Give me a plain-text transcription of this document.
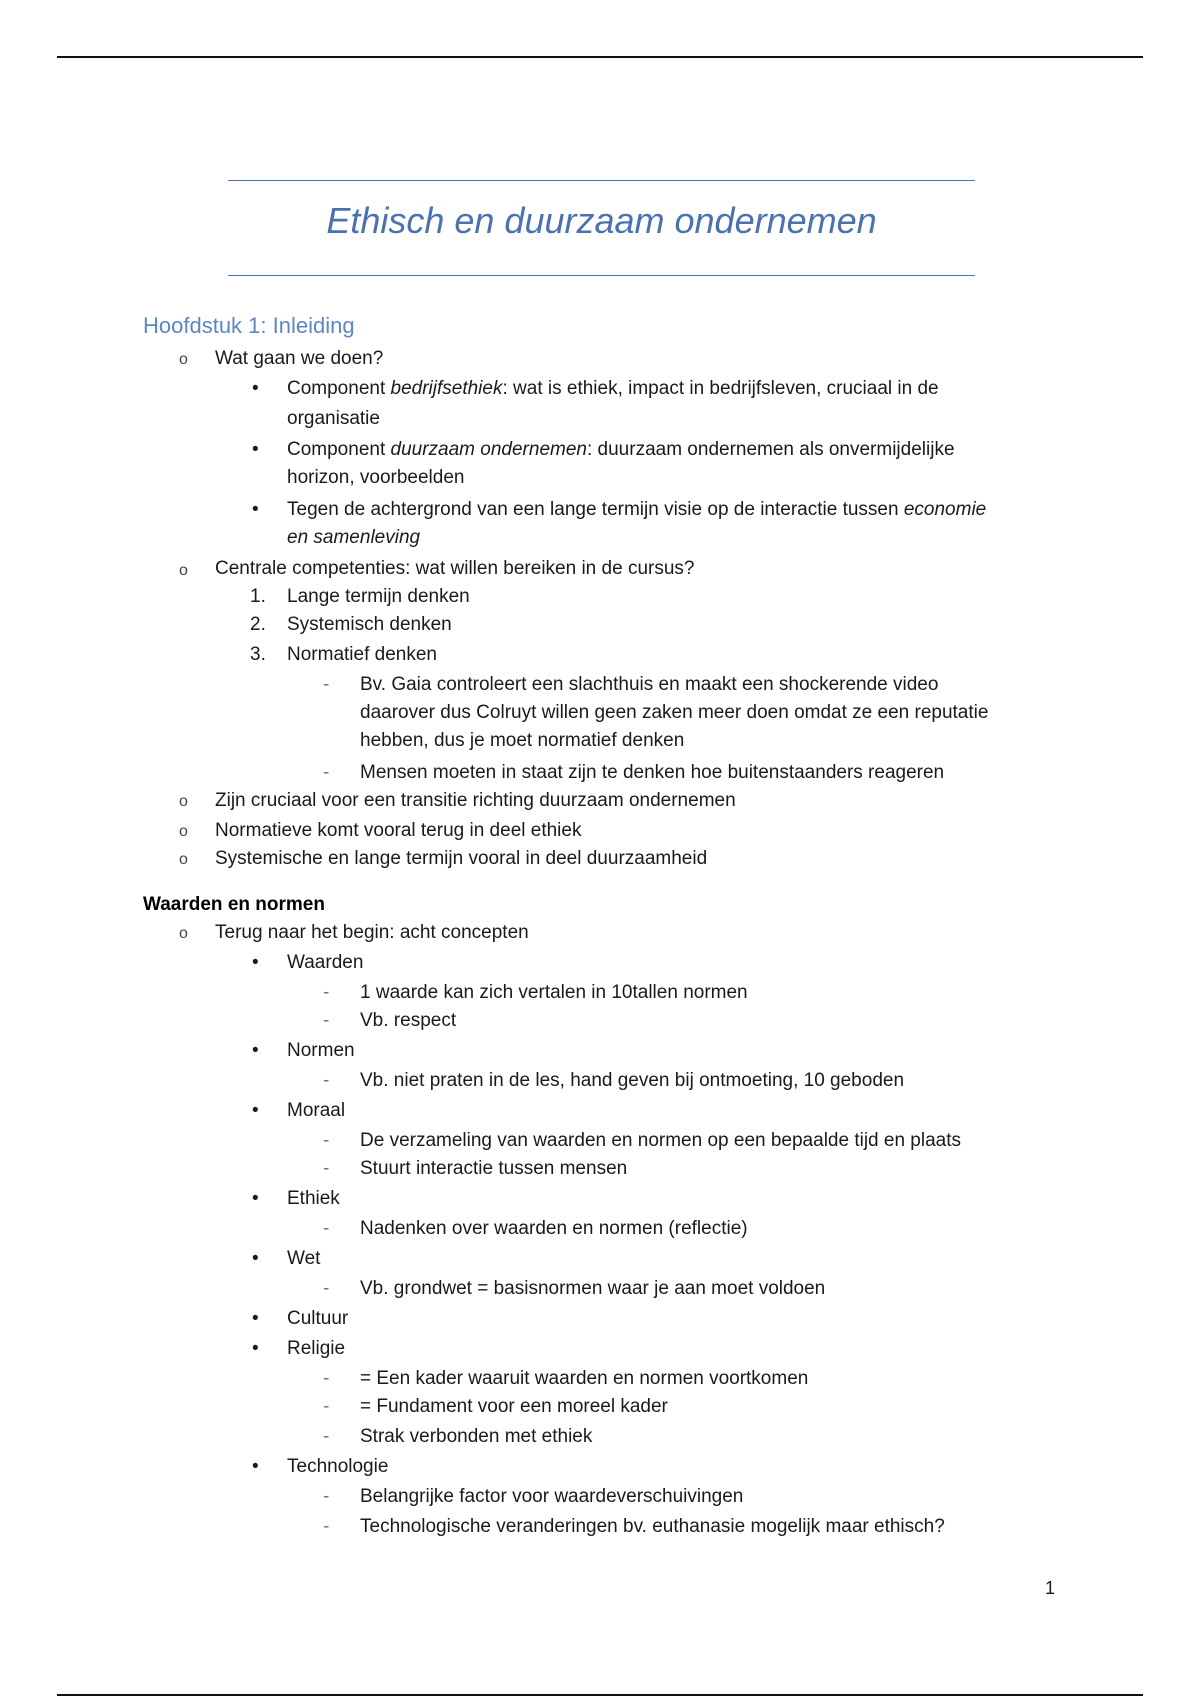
Ethisch en duurzaam ondernemen
Hoofdstuk 1: Inleiding
o Wat gaan we doen?
• Component bedrijfsethiek: wat is ethiek, impact in bedrijfsleven, cruciaal in de
organisatie
• Component duurzaam ondernemen: duurzaam ondernemen als onvermijdelijke
horizon, voorbeelden
• Tegen de achtergrond van een lange termijn visie op de interactie tussen economie
en samenleving
o Centrale competenties: wat willen bereiken in de cursus?
1. Lange termijn denken
2. Systemisch denken
3. Normatief denken
- Bv. Gaia controleert een slachthuis en maakt een shockerende video
daarover dus Colruyt willen geen zaken meer doen omdat ze een reputatie
hebben, dus je moet normatief denken
- Mensen moeten in staat zijn te denken hoe buitenstaanders reageren
o Zijn cruciaal voor een transitie richting duurzaam ondernemen
o Normatieve komt vooral terug in deel ethiek
o Systemische en lange termijn vooral in deel duurzaamheid
Waarden en normen
o Terug naar het begin: acht concepten
• Waarden
- 1 waarde kan zich vertalen in 10tallen normen
- Vb. respect
• Normen
- Vb. niet praten in de les, hand geven bij ontmoeting, 10 geboden
• Moraal
- De verzameling van waarden en normen op een bepaalde tijd en plaats
- Stuurt interactie tussen mensen
• Ethiek
- Nadenken over waarden en normen (reflectie)
• Wet
- Vb. grondwet = basisnormen waar je aan moet voldoen
• Cultuur
• Religie
- = Een kader waaruit waarden en normen voortkomen
- = Fundament voor een moreel kader
- Strak verbonden met ethiek
• Technologie
- Belangrijke factor voor waardeverschuivingen
- Technologische veranderingen bv. euthanasie mogelijk maar ethisch?
1
